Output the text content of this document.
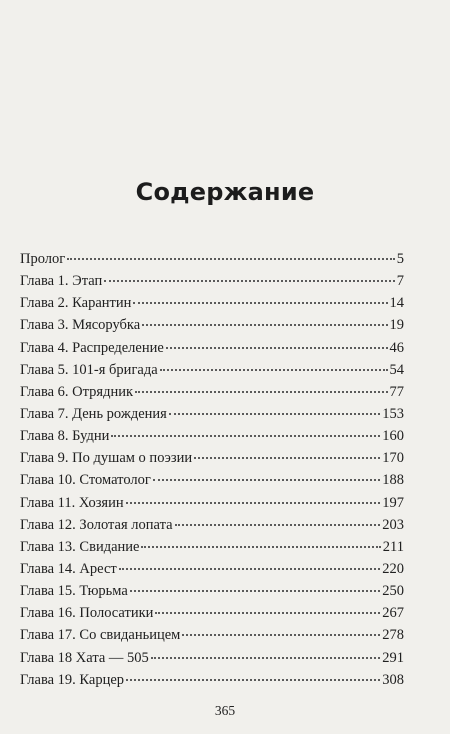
Содержание
Пролог	5
Глава 1. Этап	7
Глава 2. Карантин	14
Глава 3. Мясорубка	19
Глава 4. Распределение	46
Глава 5. 101-я бригада	54
Глава 6. Отрядник	77
Глава 7. День рождения	153
Глава 8. Будни	160
Глава 9. По душам о поэзии	170
Глава 10. Стоматолог	188
Глава 11. Хозяин	197
Глава 12. Золотая лопата	203
Глава 13. Свидание	211
Глава 14. Арест	220
Глава 15. Тюрьма	250
Глава 16. Полосатики	267
Глава 17. Со свиданьицем	278
Глава 18 Хата — 505	291
Глава 19. Карцер	308
365
